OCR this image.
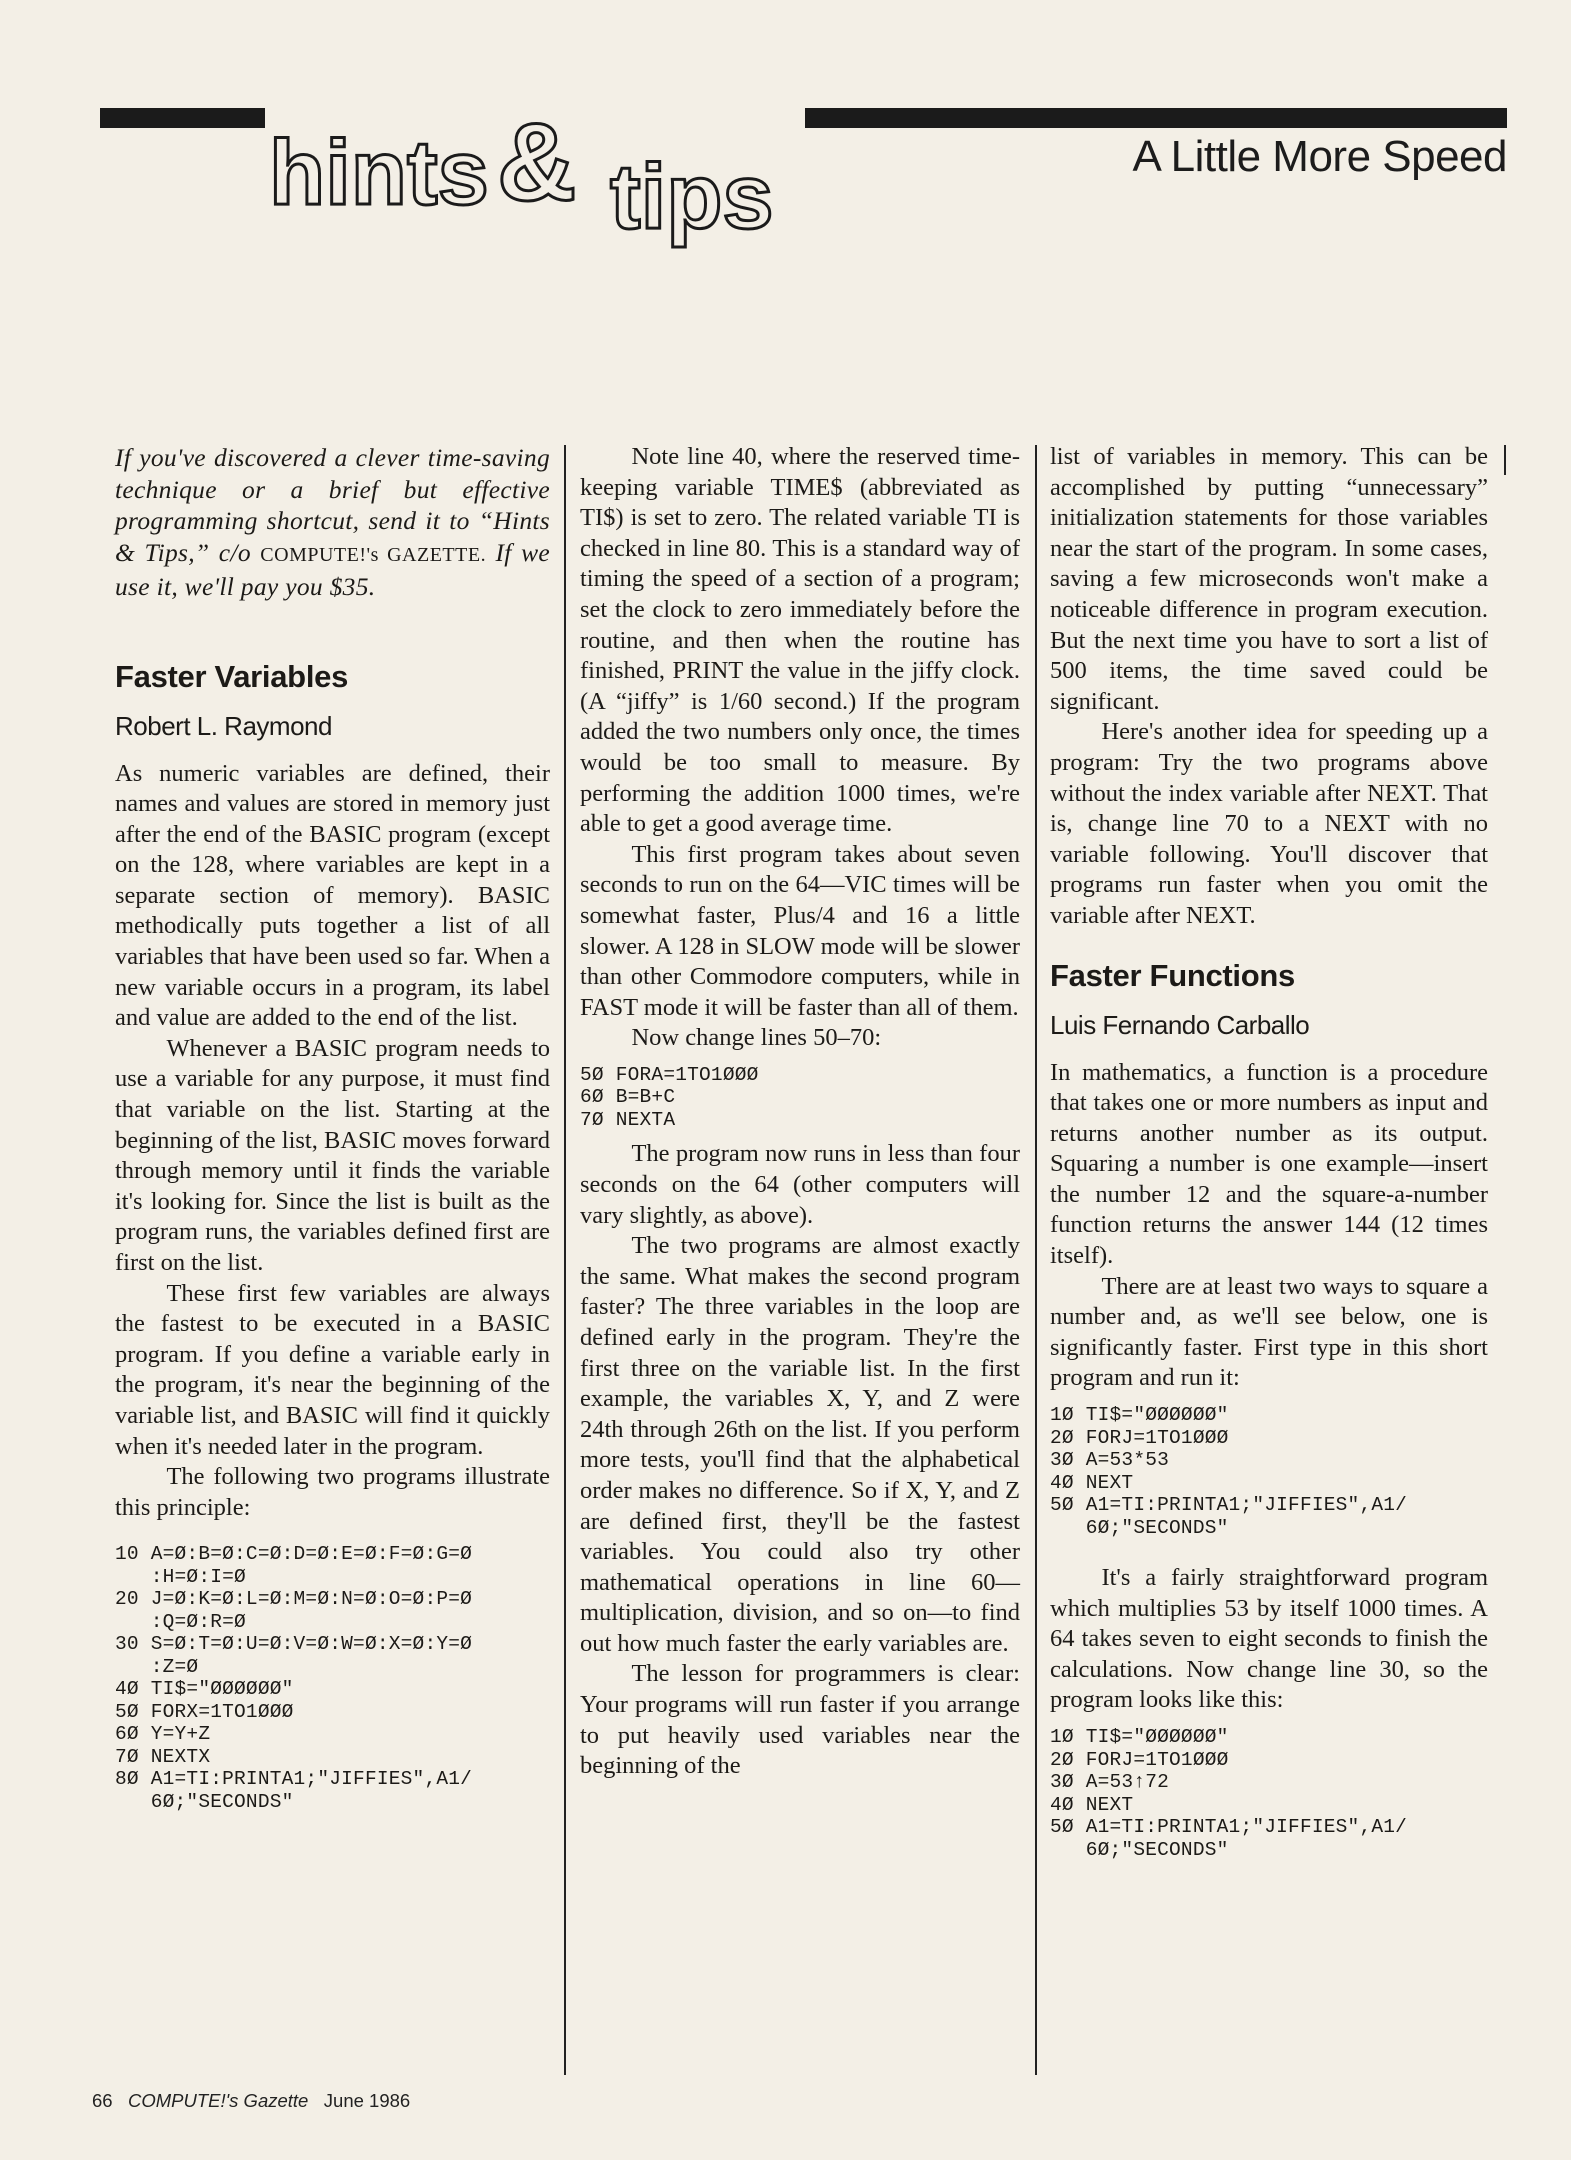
hints & tips	A Little More Speed

If you've discovered a clever time-saving technique or a brief but effective programming shortcut, send it to “Hints & Tips,” c/o COMPUTE!'s GAZETTE. If we use it, we'll pay you $35.

Faster Variables

Robert L. Raymond

As numeric variables are defined, their names and values are stored in memory just after the end of the BASIC program (except on the 128, where variables are kept in a separate section of memory). BASIC methodically puts together a list of all variables that have been used so far. When a new variable occurs in a program, its label and value are added to the end of the list.

Whenever a BASIC program needs to use a variable for any purpose, it must find that variable on the list. Starting at the beginning of the list, BASIC moves forward through memory until it finds the variable it's looking for. Since the list is built as the program runs, the variables defined first are first on the list.

These first few variables are always the fastest to be executed in a BASIC program. If you define a variable early in the program, it's near the beginning of the variable list, and BASIC will find it quickly when it's needed later in the program.

The following two programs illustrate this principle:

10 A=Ø:B=Ø:C=Ø:D=Ø:E=Ø:F=Ø:G=Ø
:H=Ø:I=Ø
20 J=Ø:K=Ø:L=Ø:M=Ø:N=Ø:O=Ø:P=Ø
:Q=Ø:R=Ø
30 S=Ø:T=Ø:U=Ø:V=Ø:W=Ø:X=Ø:Y=Ø
:Z=Ø
4Ø TI$="ØØØØØØ"
5Ø FORX=1TO1ØØØ
6Ø Y=Y+Z
7Ø NEXTX
8Ø A1=TI:PRINTA1;"JIFFIES",A1/
6Ø;"SECONDS"

Note line 40, where the reserved time-keeping variable TIME$ (abbreviated as TI$) is set to zero. The related variable TI is checked in line 80. This is a standard way of timing the speed of a section of a program; set the clock to zero immediately before the routine, and then when the routine has finished, PRINT the value in the jiffy clock. (A “jiffy” is 1/60 second.) If the program added the two numbers only once, the times would be too small to measure. By performing the addition 1000 times, we're able to get a good average time.

This first program takes about seven seconds to run on the 64—VIC times will be somewhat faster, Plus/4 and 16 a little slower. A 128 in SLOW mode will be slower than other Commodore computers, while in FAST mode it will be faster than all of them.

Now change lines 50–70:

5Ø FORA=1TO1ØØØ
6Ø B=B+C
7Ø NEXTA

The program now runs in less than four seconds on the 64 (other computers will vary slightly, as above).

The two programs are almost exactly the same. What makes the second program faster? The three variables in the loop are defined early in the program. They're the first three on the variable list. In the first example, the variables X, Y, and Z were 24th through 26th on the list. If you perform more tests, you'll find that the alphabetical order makes no difference. So if X, Y, and Z are defined first, they'll be the fastest variables. You could also try other mathematical operations in line 60—multiplication, division, and so on—to find out how much faster the early variables are.

The lesson for programmers is clear: Your programs will run faster if you arrange to put heavily used variables near the beginning of the

list of variables in memory. This can be accomplished by putting “unnecessary” initialization statements for those variables near the start of the program. In some cases, saving a few microseconds won't make a noticeable difference in program execution. But the next time you have to sort a list of 500 items, the time saved could be significant.

Here's another idea for speeding up a program: Try the two programs above without the index variable after NEXT. That is, change line 70 to a NEXT with no variable following. You'll discover that programs run faster when you omit the variable after NEXT.

Faster Functions

Luis Fernando Carballo

In mathematics, a function is a procedure that takes one or more numbers as input and returns another number as its output. Squaring a number is one example—insert the number 12 and the square-a-number function returns the answer 144 (12 times itself).

There are at least two ways to square a number and, as we'll see below, one is significantly faster. First type in this short program and run it:

1Ø TI$="ØØØØØØ"
2Ø FORJ=1TO1ØØØ
3Ø A=53*53
4Ø NEXT
5Ø A1=TI:PRINTA1;"JIFFIES",A1/
6Ø;"SECONDS"

It's a fairly straightforward program which multiplies 53 by itself 1000 times. A 64 takes seven to eight seconds to finish the calculations. Now change line 30, so the program looks like this:

1Ø TI$="ØØØØØØ"
2Ø FORJ=1TO1ØØØ
3Ø A=53↑72
4Ø NEXT
5Ø A1=TI:PRINTA1;"JIFFIES",A1/
6Ø;"SECONDS"
66 COMPUTE!'s Gazette June 1986
